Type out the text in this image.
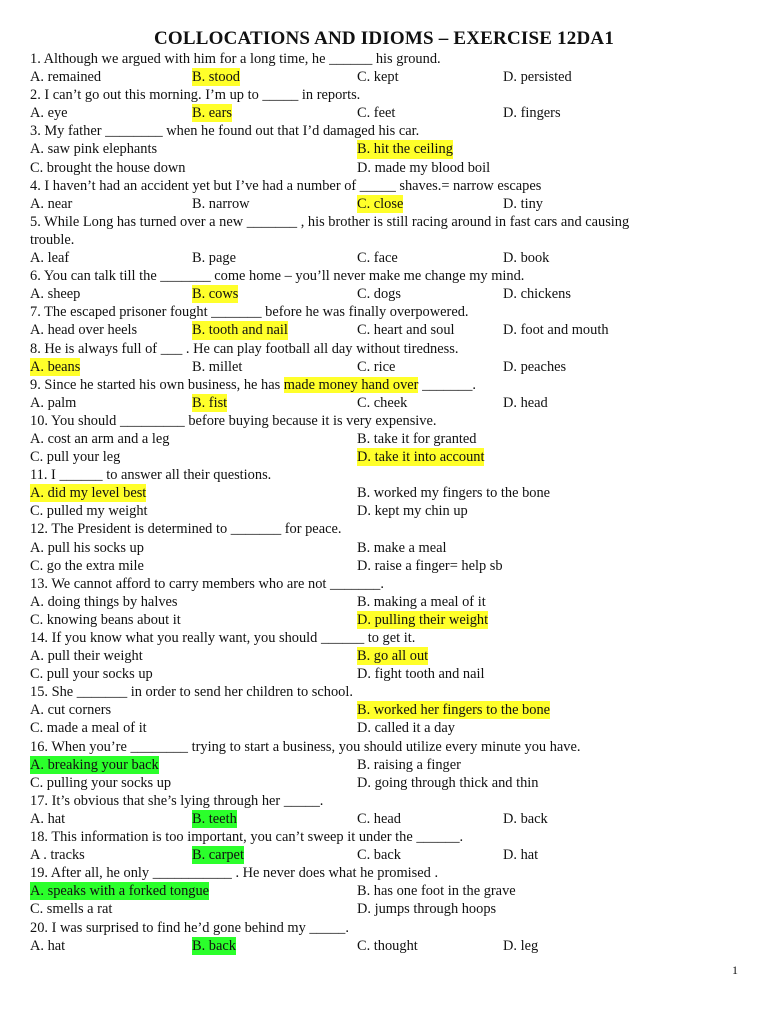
COLLOCATIONS AND IDIOMS – EXERCISE 12DA1
1. Although we argued with him for a long time, he ______ his ground.
A. remained	B. stood	C. kept	D. persisted
2. I can’t go out this morning. I’m up to _____ in reports.
A. eye	B. ears	C. feet	D. fingers
3. My father ________ when he found out that I’d damaged his car.
A. saw pink elephants	B. hit the ceiling
C. brought the house down	D. made my blood boil
4. I haven’t had an accident yet but I’ve had a number of _____ shaves.= narrow escapes
A. near	B. narrow	C. close	D. tiny
5. While Long has turned over a new _______ , his brother is still racing around in fast cars and causing
trouble.
A. leaf	B. page	C. face	D. book
6. You can talk till the _______ come home – you’ll never make me change my mind.
A. sheep	B. cows	C. dogs	D. chickens
7. The escaped prisoner fought _______ before he was finally overpowered.
A. head over heels	B. tooth and nail	C. heart and soul	D. foot and mouth
8. He is always full of ___ . He can play football all day without tiredness.
A. beans	B. millet	C. rice	D. peaches
9. Since he started his own business, he has made money hand over _______.
A. palm	B. fist	C. cheek	D. head
10. You should _________ before buying because it is very expensive.
A. cost an arm and a leg	B. take it for granted
C. pull your leg	D. take it into account
11. I ______ to answer all their questions.
A. did my level best	B. worked my fingers to the bone
C. pulled my weight	D. kept my chin up
12. The President is determined to _______ for peace.
A. pull his socks up	B. make a meal
C. go the extra mile	D. raise a finger= help sb
13. We cannot afford to carry members who are not _______.
A. doing things by halves	B. making a meal of it
C. knowing beans about it	D. pulling their weight
14. If you know what you really want, you should ______ to get it.
A. pull their weight	B. go all out
C. pull your socks up	D. fight tooth and nail
15. She _______ in order to send her children to school.
A. cut corners	B. worked her fingers to the bone
C. made a meal of it	D. called it a day
16. When you’re ________ trying to start a business, you should utilize every minute you have.
A. breaking your back	B. raising a finger
C. pulling your socks up	D. going through thick and thin
17. It’s obvious that she’s lying through her _____.
A. hat	B. teeth	C. head	D. back
18. This information is too important, you can’t sweep it under the ______.
A . tracks	B. carpet	C. back	D. hat
19. After all, he only ___________ . He never does what he promised .
A. speaks with a forked tongue	B. has one foot in the grave
C. smells a rat	D. jumps through hoops
20. I was surprised to find he’d gone behind my _____.
A. hat	B. back	C. thought	D. leg
1
